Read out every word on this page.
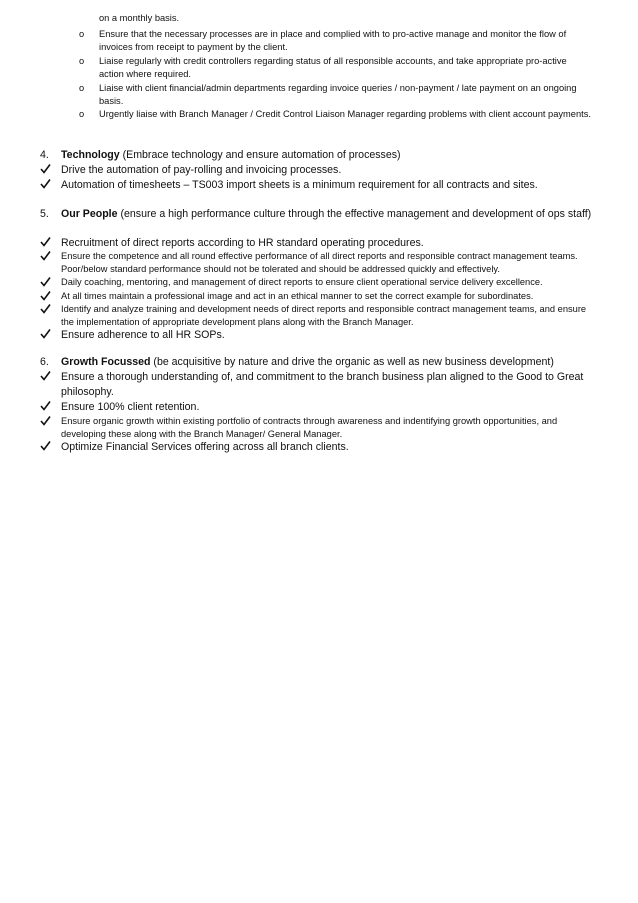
on a monthly basis.
o	Ensure that the necessary processes are in place and complied with to pro-active manage and monitor the flow of invoices from receipt to payment by the client.
o	Liaise regularly with credit controllers regarding status of all responsible accounts, and take appropriate pro-active action where required.
o	Liaise with client financial/admin departments regarding invoice queries / non-payment / late payment on an ongoing basis.
o	Urgently liaise with Branch Manager / Credit Control Liaison Manager regarding problems with client account payments.
4.	Technology (Embrace technology and ensure automation of processes)
Drive the automation of pay-rolling and invoicing processes.
Automation of timesheets – TS003 import sheets is a minimum requirement for all contracts and sites.
5.	Our People (ensure a high performance culture through the effective management and development of ops staff)
Recruitment of direct reports according to HR standard operating procedures.
Ensure the competence and all round effective performance of all direct reports and responsible contract management teams. Poor/below standard performance should not be tolerated and should be addressed quickly and effectively.
Daily coaching, mentoring, and management of direct reports to ensure client operational service delivery excellence.
At all times maintain a professional image and act in an ethical manner to set the correct example for subordinates.
Identify and analyze training and development needs of direct reports and responsible contract management teams, and ensure the implementation of appropriate development plans along with the Branch Manager.
Ensure adherence to all HR SOPs.
6.	Growth Focussed (be acquisitive by nature and drive the organic as well as new business development)
Ensure a thorough understanding of, and commitment to the branch business plan aligned to the Good to Great philosophy.
Ensure 100% client retention.
Ensure organic growth within existing portfolio of contracts through awareness and indentifying growth opportunities, and developing these along with the Branch Manager/ General Manager.
Optimize Financial Services offering across all branch clients.
